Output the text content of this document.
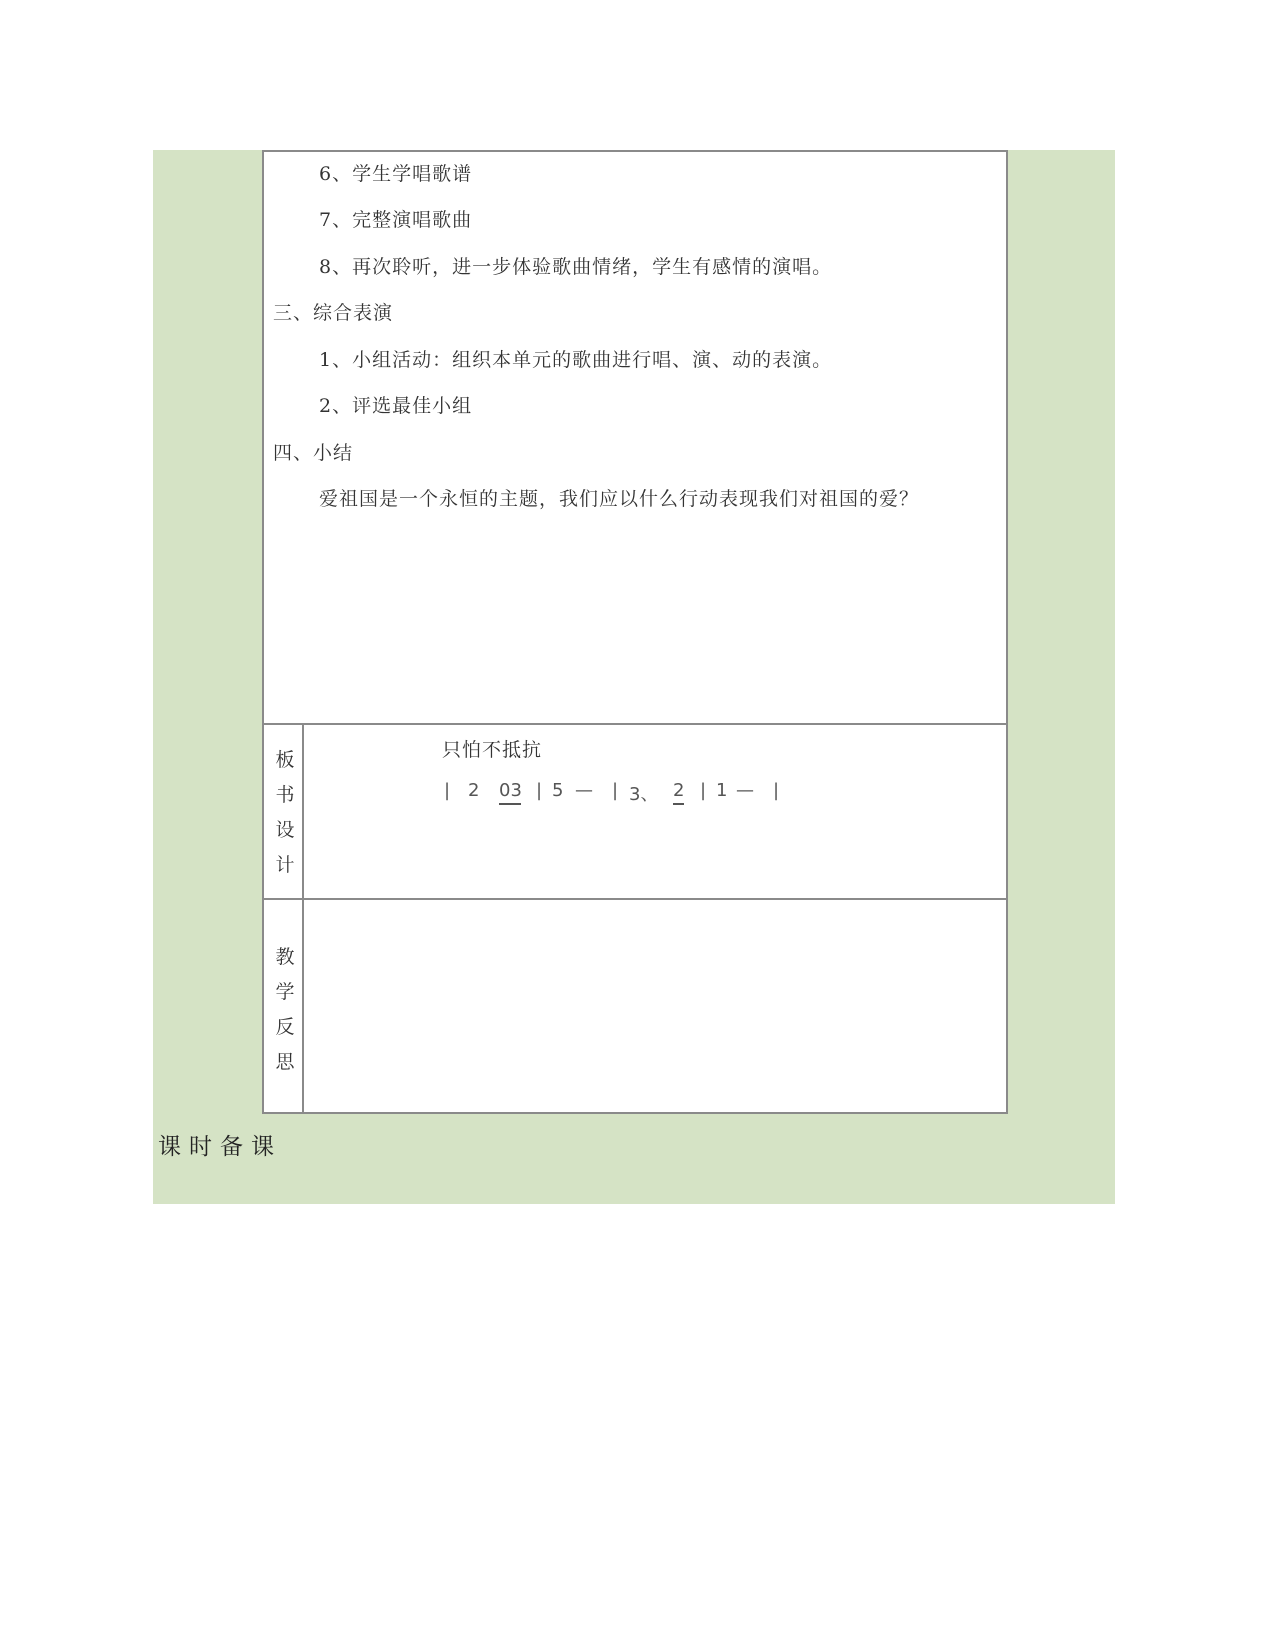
6、学生学唱歌谱
7、完整演唱歌曲
8、再次聆听，进一步体验歌曲情绪，学生有感情的演唱。
三、综合表演
1、小组活动：组织本单元的歌曲进行唱、演、动的表演。
2、评选最佳小组
四、小结
爱祖国是一个永恒的主题，我们应以什么行动表现我们对祖国的爱？
板
书
设
计
只怕不抵抗
| 2 03 | 5 — | 3、 2 | 1 — |
教
学
反
思
课时备课
